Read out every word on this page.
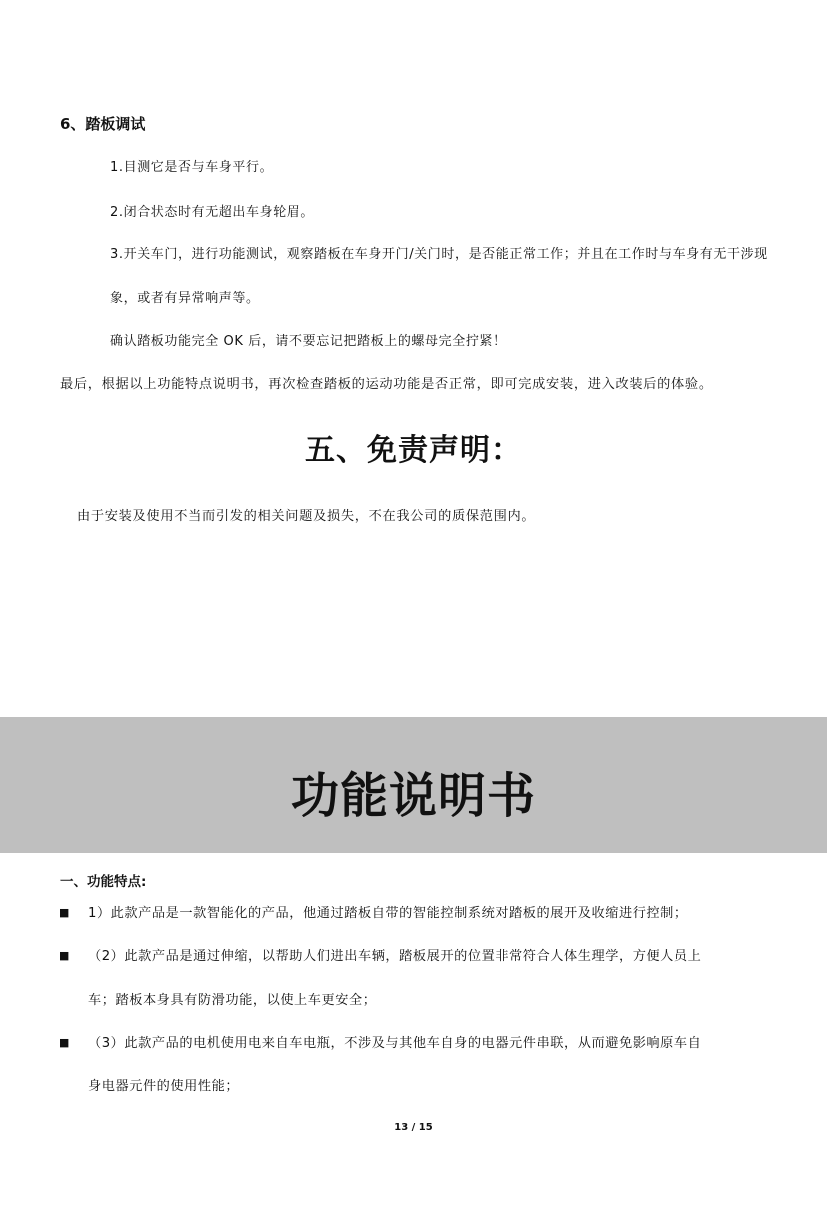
6、踏板调试
1.目测它是否与车身平行。
2.闭合状态时有无超出车身轮眉。
3.开关车门，进行功能测试，观察踏板在车身开门/关门时，是否能正常工作；并且在工作时与车身有无干涉现
象，或者有异常响声等。
确认踏板功能完全 OK 后，请不要忘记把踏板上的螺母完全拧紧！
最后，根据以上功能特点说明书，再次检查踏板的运动功能是否正常，即可完成安装，进入改装后的体验。
五、免责声明：
由于安装及使用不当而引发的相关问题及损失，不在我公司的质保范围内。
功能说明书
一、功能特点:
■ 1）此款产品是一款智能化的产品，他通过踏板自带的智能控制系统对踏板的展开及收缩进行控制；
■ （2）此款产品是通过伸缩，以帮助人们进出车辆，踏板展开的位置非常符合人体生理学，方便人员上
车；踏板本身具有防滑功能，以使上车更安全；
■ （3）此款产品的电机使用电来自车电瓶，不涉及与其他车自身的电器元件串联，从而避免影响原车自
身电器元件的使用性能；
13 / 15
